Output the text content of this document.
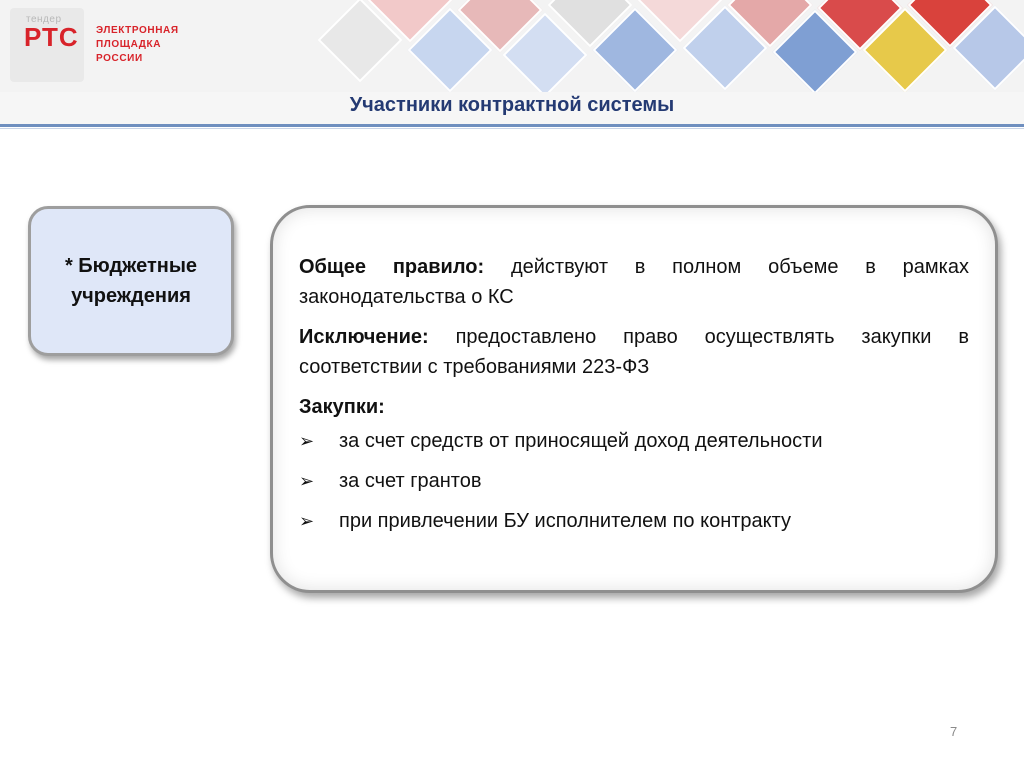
тендер
РТС ЭЛЕКТРОННАЯ
ПЛОЩАДКА
РОССИИ
Участники контрактной системы
* Бюджетные учреждения

Общее правило: действуют в полном объеме в рамках законодательства о КС

Исключение: предоставлено право осуществлять закупки в соответствии с требованиями 223-ФЗ

Закупки:
➢	за счет средств от приносящей доход деятельности
➢	за счет грантов
➢	при привлечении БУ исполнителем по контракту
7
